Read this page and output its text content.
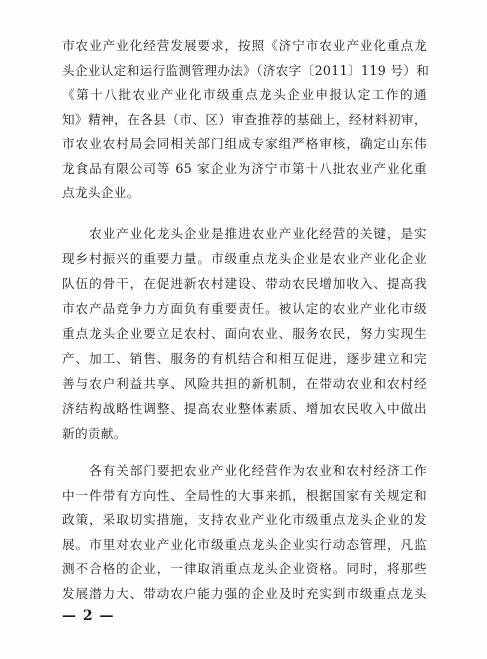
市农业产业化经营发展要求，按照《济宁市农业产业化重点龙
头企业认定和运行监测管理办法》（济农字〔2011〕119 号）和
《第十八批农业产业化市级重点龙头企业申报认定工作的通
知》精神，在各县（市、区）审查推荐的基础上，经材料初审，
市农业农村局会同相关部门组成专家组严格审核，确定山东伟
龙食品有限公司等 65 家企业为济宁市第十八批农业产业化重
点龙头企业。
　　农业产业化龙头企业是推进农业产业化经营的关键，是实
现乡村振兴的重要力量。市级重点龙头企业是农业产业化企业
队伍的骨干，在促进新农村建设、带动农民增加收入、提高我
市农产品竞争力方面负有重要责任。被认定的农业产业化市级
重点龙头企业要立足农村、面向农业、服务农民，努力实现生
产、加工、销售、服务的有机结合和相互促进，逐步建立和完
善与农户利益共享、风险共担的新机制，在带动农业和农村经
济结构战略性调整、提高农业整体素质、增加农民收入中做出
新的贡献。
　　各有关部门要把农业产业化经营作为农业和农村经济工作
中一件带有方向性、全局性的大事来抓，根据国家有关规定和
政策，采取切实措施，支持农业产业化市级重点龙头企业的发
展。市里对农业产业化市级重点龙头企业实行动态管理，凡监
测不合格的企业，一律取消重点龙头企业资格。同时，将那些
发展潜力大、带动农户能力强的企业及时充实到市级重点龙头
— 2 —
